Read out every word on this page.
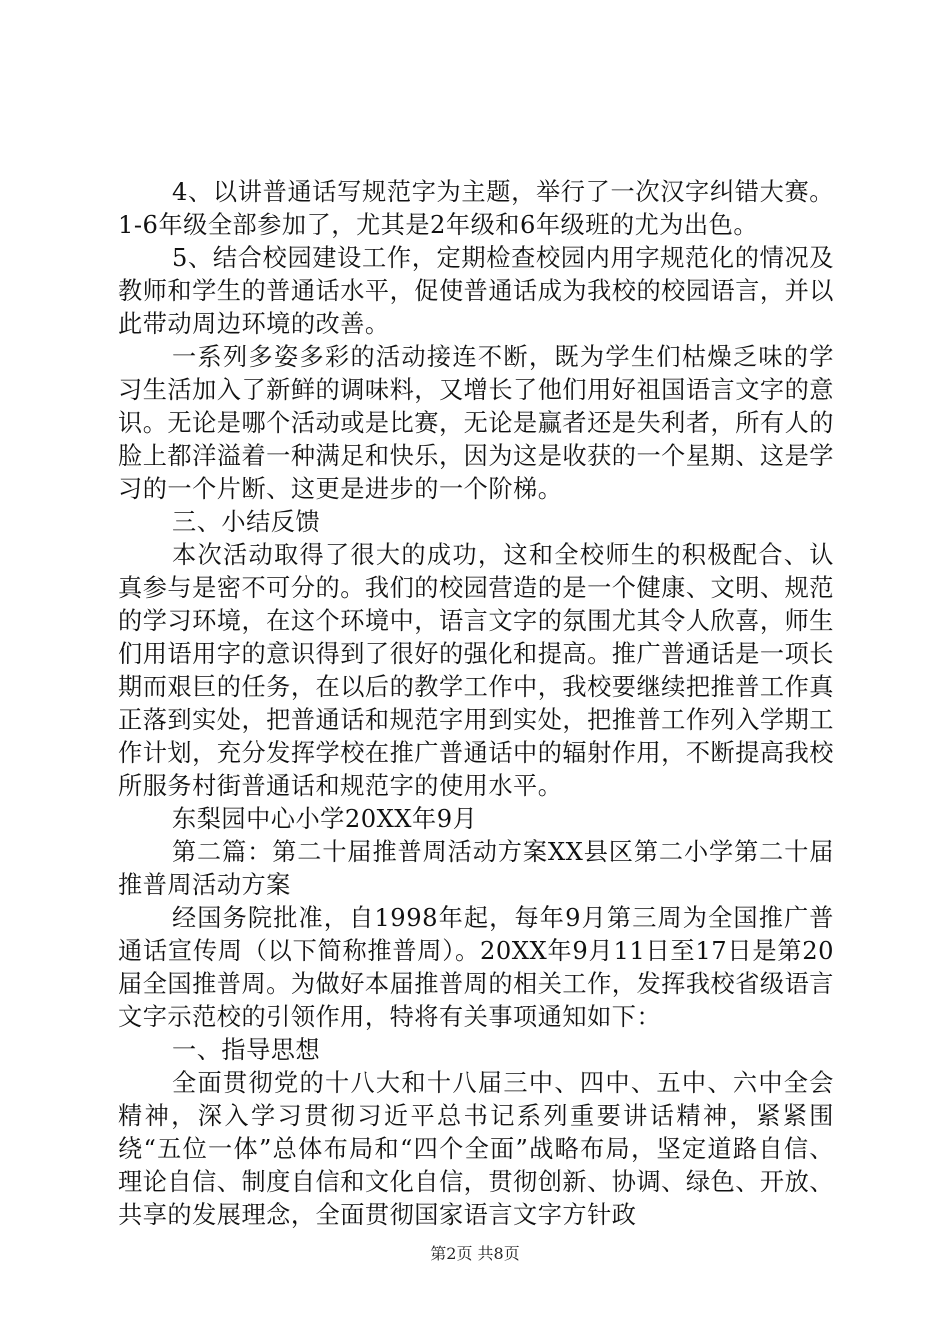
4、以讲普通话写规范字为主题，举行了一次汉字纠错大赛。1-6年级全部参加了，尤其是2年级和6年级班的尤为出色。

5、结合校园建设工作，定期检查校园内用字规范化的情况及教师和学生的普通话水平，促使普通话成为我校的校园语言，并以此带动周边环境的改善。

一系列多姿多彩的活动接连不断，既为学生们枯燥乏味的学习生活加入了新鲜的调味料，又增长了他们用好祖国语言文字的意识。无论是哪个活动或是比赛，无论是赢者还是失利者，所有人的脸上都洋溢着一种满足和快乐，因为这是收获的一个星期、这是学习的一个片断、这更是进步的一个阶梯。

三、小结反馈

本次活动取得了很大的成功，这和全校师生的积极配合、认真参与是密不可分的。我们的校园营造的是一个健康、文明、规范的学习环境，在这个环境中，语言文字的氛围尤其令人欣喜，师生们用语用字的意识得到了很好的强化和提高。推广普通话是一项长期而艰巨的任务，在以后的教学工作中，我校要继续把推普工作真正落到实处，把普通话和规范字用到实处，把推普工作列入学期工作计划，充分发挥学校在推广普通话中的辐射作用，不断提高我校所服务村街普通话和规范字的使用水平。

东梨园中心小学20XX年9月

第二篇：第二十届推普周活动方案XX县区第二小学第二十届推普周活动方案

经国务院批准，自1998年起，每年9月第三周为全国推广普通话宣传周（以下简称推普周）。20XX年9月11日至17日是第20届全国推普周。为做好本届推普周的相关工作，发挥我校省级语言文字示范校的引领作用，特将有关事项通知如下：

一、指导思想

全面贯彻党的十八大和十八届三中、四中、五中、六中全会精神，深入学习贯彻习近平总书记系列重要讲话精神，紧紧围绕“五位一体”总体布局和“四个全面”战略布局，坚定道路自信、理论自信、制度自信和文化自信，贯彻创新、协调、绿色、开放、共享的发展理念，全面贯彻国家语言文字方针政

第2页 共8页
